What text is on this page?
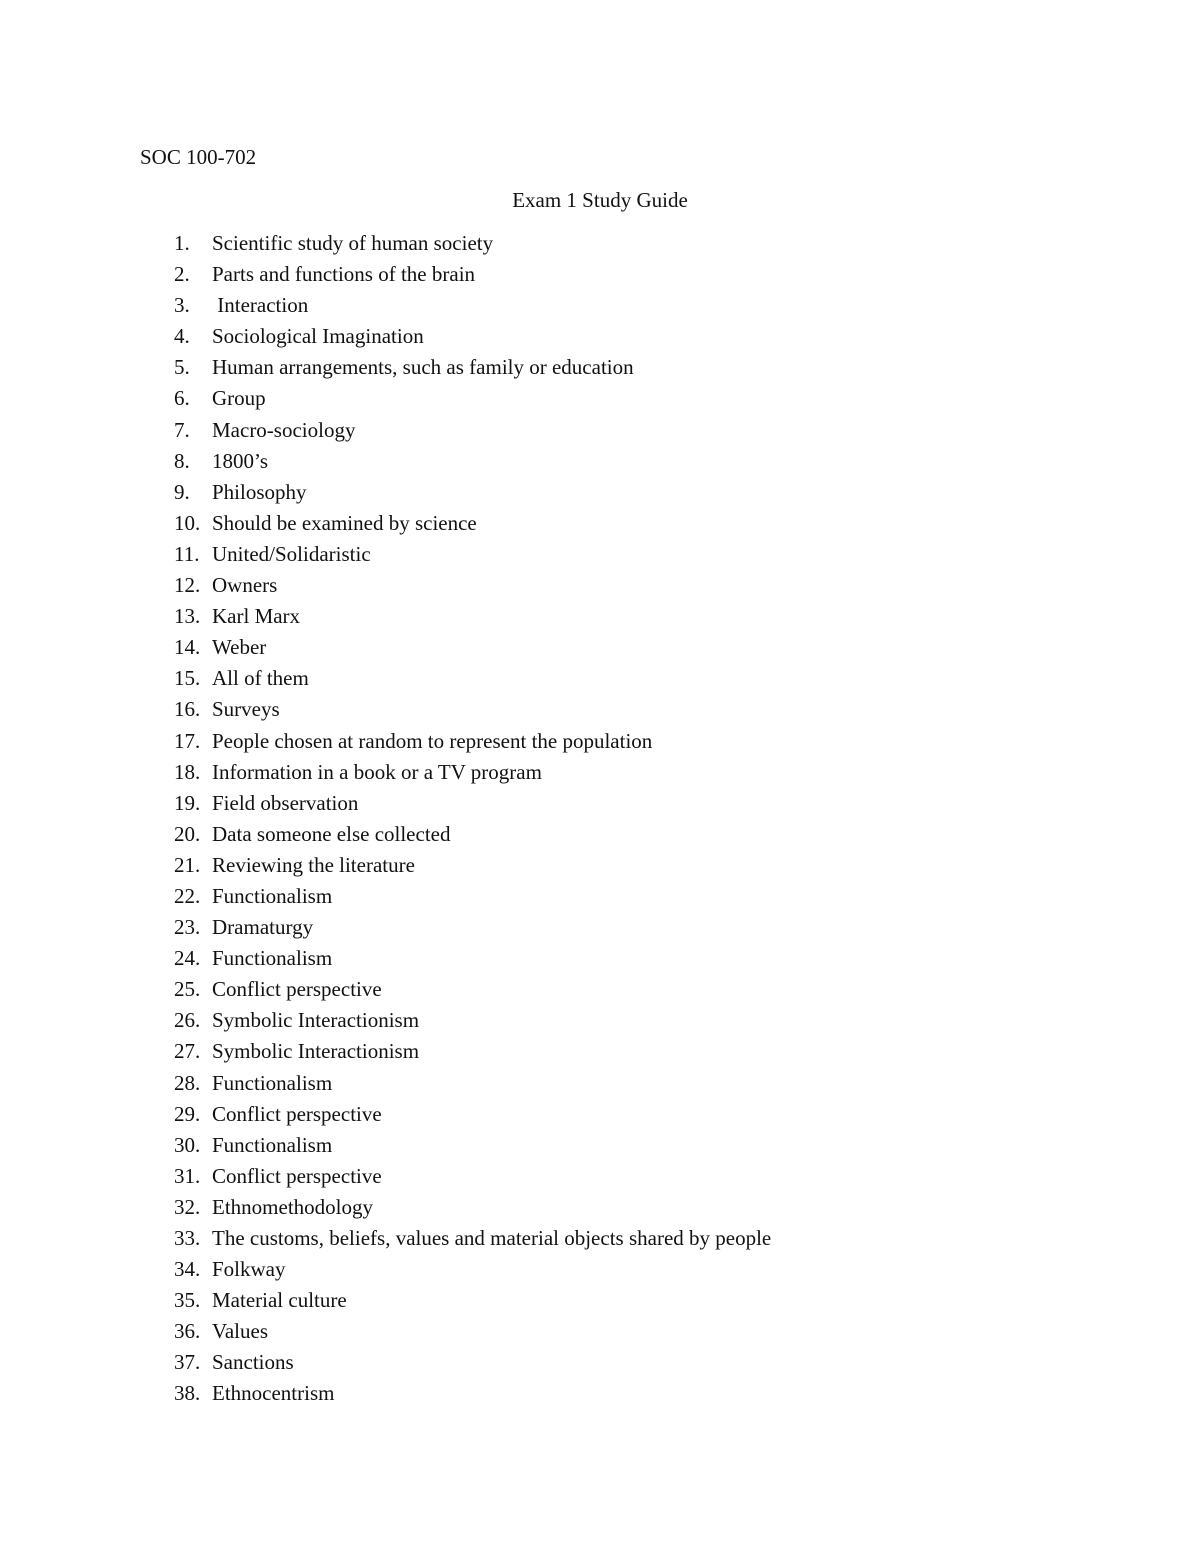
SOC 100-702
Exam 1 Study Guide
1. Scientific study of human society
2. Parts and functions of the brain
3. Interaction
4. Sociological Imagination
5. Human arrangements, such as family or education
6. Group
7. Macro-sociology
8. 1800’s
9. Philosophy
10. Should be examined by science
11. United/Solidaristic
12. Owners
13. Karl Marx
14. Weber
15. All of them
16. Surveys
17. People chosen at random to represent the population
18. Information in a book or a TV program
19. Field observation
20. Data someone else collected
21. Reviewing the literature
22. Functionalism
23. Dramaturgy
24. Functionalism
25. Conflict perspective
26. Symbolic Interactionism
27. Symbolic Interactionism
28. Functionalism
29. Conflict perspective
30. Functionalism
31. Conflict perspective
32. Ethnomethodology
33. The customs, beliefs, values and material objects shared by people
34. Folkway
35. Material culture
36. Values
37. Sanctions
38. Ethnocentrism
